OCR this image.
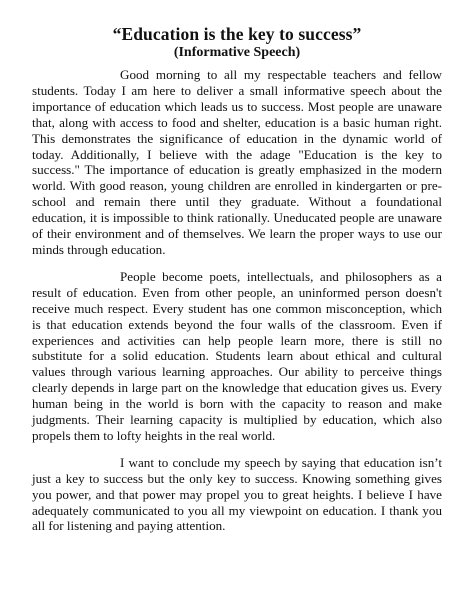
“Education is the key to success”
(Informative Speech)

Good morning to all my respectable teachers and fellow students. Today I am here to deliver a small informative speech about the importance of education which leads us to success. Most people are unaware that, along with access to food and shelter, education is a basic human right. This demonstrates the significance of education in the dynamic world of today. Additionally, I believe with the adage "Education is the key to success." The importance of education is greatly emphasized in the modern world. With good reason, young children are enrolled in kindergarten or pre-school and remain there until they graduate. Without a foundational education, it is impossible to think rationally. Uneducated people are unaware of their environment and of themselves. We learn the proper ways to use our minds through education.

People become poets, intellectuals, and philosophers as a result of education. Even from other people, an uninformed person doesn't receive much respect. Every student has one common misconception, which is that education extends beyond the four walls of the classroom. Even if experiences and activities can help people learn more, there is still no substitute for a solid education. Students learn about ethical and cultural values through various learning approaches. Our ability to perceive things clearly depends in large part on the knowledge that education gives us. Every human being in the world is born with the capacity to reason and make judgments. Their learning capacity is multiplied by education, which also propels them to lofty heights in the real world.

I want to conclude my speech by saying that education isn’t just a key to success but the only key to success. Knowing something gives you power, and that power may propel you to great heights. I believe I have adequately communicated to you all my viewpoint on education. I thank you all for listening and paying attention.
